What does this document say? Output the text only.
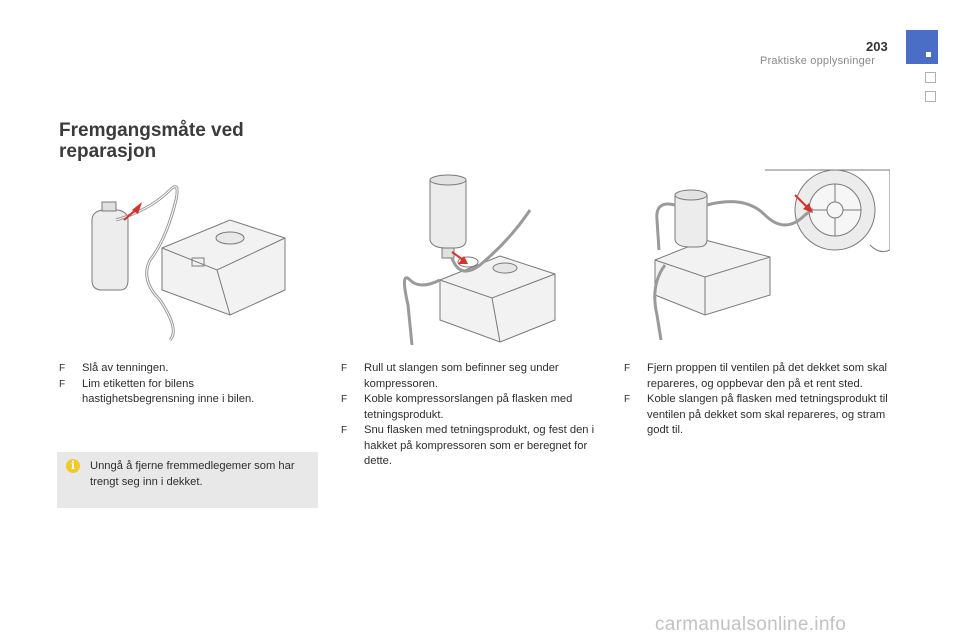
203
Praktiske opplysninger
Fremgangsmåte ved
reparasjon
F Slå av tenningen.
F Lim etiketten for bilens hastighetsbegrensning inne i bilen.
i	Unngå å fjerne fremmedlegemer som har trengt seg inn i dekket.
F Rull ut slangen som befinner seg under kompressoren.
F Koble kompressorslangen på flasken med tetningsprodukt.
F Snu flasken med tetningsprodukt, og fest den i hakket på kompressoren som er beregnet for dette.
F Fjern proppen til ventilen på det dekket som skal repareres, og oppbevar den på et rent sted.
F Koble slangen på flasken med tetningsprodukt til ventilen på dekket som skal repareres, og stram godt til.
carmanualsonline.info
